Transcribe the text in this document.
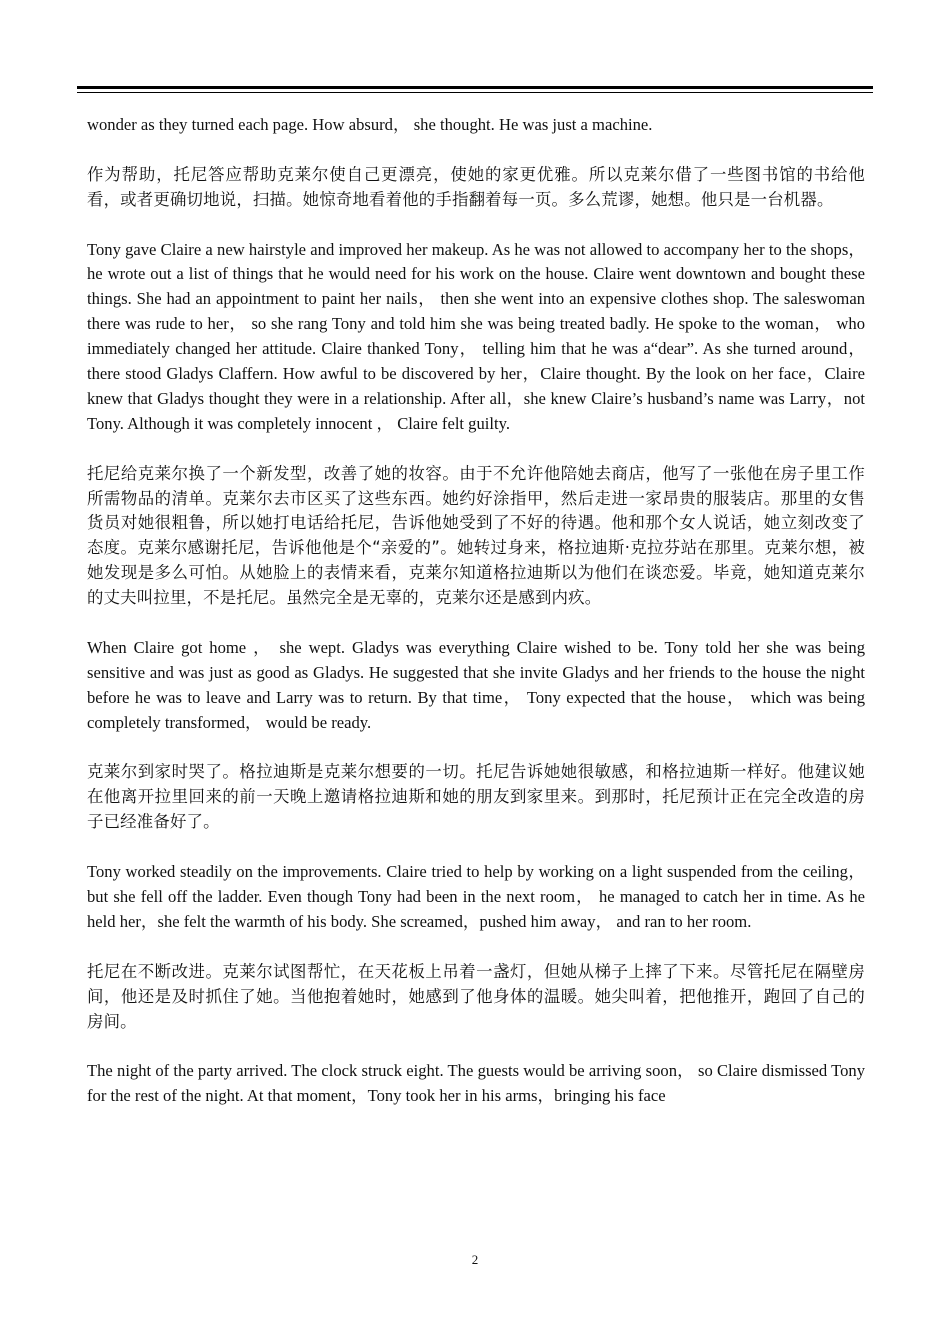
wonder as they turned each page. How absurd， she thought. He was just a machine.

作为帮助，托尼答应帮助克莱尔使自己更漂亮，使她的家更优雅。所以克莱尔借了一些图书馆的书给他看，或者更确切地说，扫描。她惊奇地看着他的手指翻着每一页。多么荒谬，她想。他只是一台机器。

Tony gave Claire a new hairstyle and improved her makeup. As he was not allowed to accompany her to the shops， he wrote out a list of things that he would need for his work on the house. Claire went downtown and bought these things. She had an appointment to paint her nails， then she went into an expensive clothes shop. The saleswoman there was rude to her， so she rang Tony and told him she was being treated badly. He spoke to the woman， who immediately changed her attitude. Claire thanked Tony， telling him that he was a“dear”. As she turned around， there stood Gladys Claffern. How awful to be discovered by her，Claire thought. By the look on her face，Claire knew that Gladys thought they were in a relationship. After all，she knew Claire’s husband’s name was Larry，not Tony. Although it was completely innocent ， Claire felt guilty.

托尼给克莱尔换了一个新发型，改善了她的妆容。由于不允许他陪她去商店，他写了一张他在房子里工作所需物品的清单。克莱尔去市区买了这些东西。她约好涂指甲，然后走进一家昂贵的服装店。那里的女售货员对她很粗鲁，所以她打电话给托尼，告诉他她受到了不好的待遇。他和那个女人说话，她立刻改变了态度。克莱尔感谢托尼，告诉他他是个“亲爱的”。她转过身来，格拉迪斯·克拉芬站在那里。克莱尔想，被她发现是多么可怕。从她脸上的表情来看，克莱尔知道格拉迪斯以为他们在谈恋爱。毕竟，她知道克莱尔的丈夫叫拉里，不是托尼。虽然完全是无辜的，克莱尔还是感到内疚。

When Claire got home ， she wept. Gladys was everything Claire wished to be. Tony told her she was being sensitive and was just as good as Gladys. He suggested that she invite Gladys and her friends to the house the night before he was to leave and Larry was to return. By that time， Tony expected that the house， which was being completely transformed， would be ready.

克莱尔到家时哭了。格拉迪斯是克莱尔想要的一切。托尼告诉她她很敏感，和格拉迪斯一样好。他建议她在他离开拉里回来的前一天晚上邀请格拉迪斯和她的朋友到家里来。到那时，托尼预计正在完全改造的房子已经准备好了。

Tony worked steadily on the improvements. Claire tried to help by working on a light suspended from the ceiling， but she fell off the ladder. Even though Tony had been in the next room， he managed to catch her in time. As he held her，she felt the warmth of his body. She screamed，pushed him away， and ran to her room.

托尼在不断改进。克莱尔试图帮忙，在天花板上吊着一盏灯，但她从梯子上摔了下来。尽管托尼在隔壁房间，他还是及时抓住了她。当他抱着她时，她感到了他身体的温暖。她尖叫着，把他推开，跑回了自己的房间。

The night of the party arrived. The clock struck eight. The guests would be arriving soon， so Claire dismissed Tony for the rest of the night. At that moment，Tony took her in his arms，bringing his face

2
